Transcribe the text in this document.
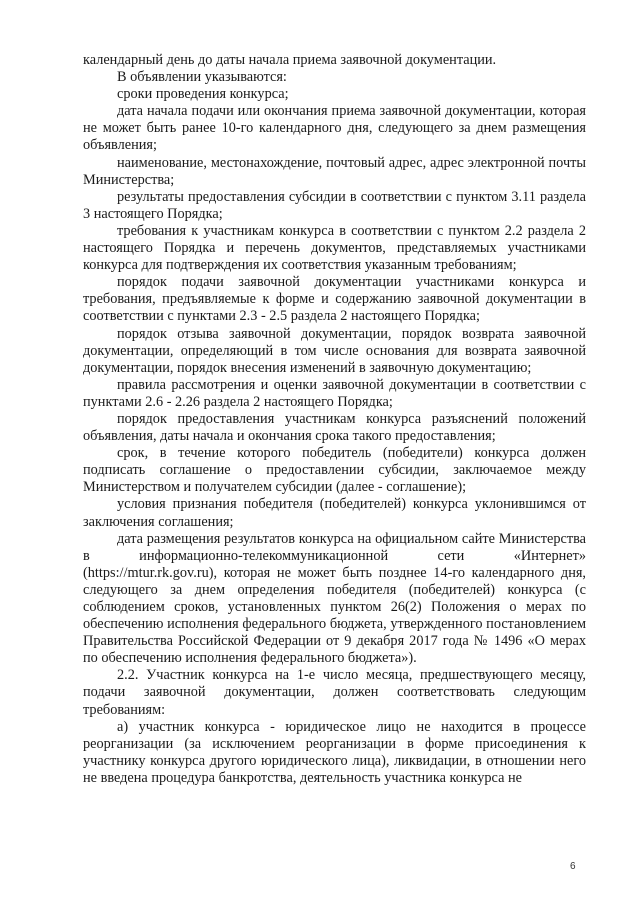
календарный день до даты начала приема заявочной документации.

В объявлении указываются:

сроки проведения конкурса;

дата начала подачи или окончания приема заявочной документации, которая не может быть ранее 10-го календарного дня, следующего за днем размещения объявления;

наименование, местонахождение, почтовый адрес, адрес электронной почты Министерства;

результаты предоставления субсидии в соответствии с пунктом 3.11 раздела 3 настоящего Порядка;

требования к участникам конкурса в соответствии с пунктом 2.2 раздела 2 настоящего Порядка и перечень документов, представляемых участниками конкурса для подтверждения их соответствия указанным требованиям;

порядок подачи заявочной документации участниками конкурса и требования, предъявляемые к форме и содержанию заявочной документации в соответствии с пунктами 2.3 - 2.5 раздела 2 настоящего Порядка;

порядок отзыва заявочной документации, порядок возврата заявочной документации, определяющий в том числе основания для возврата заявочной документации, порядок внесения изменений в заявочную документацию;

правила рассмотрения и оценки заявочной документации в соответствии с пунктами 2.6 - 2.26 раздела 2 настоящего Порядка;

порядок предоставления участникам конкурса разъяснений положений объявления, даты начала и окончания срока такого предоставления;

срок, в течение которого победитель (победители) конкурса должен подписать соглашение о предоставлении субсидии, заключаемое между Министерством и получателем субсидии (далее - соглашение);

условия признания победителя (победителей) конкурса уклонившимся от заключения соглашения;

дата размещения результатов конкурса на официальном сайте Министерства в информационно-телекоммуникационной сети «Интернет» (https://mtur.rk.gov.ru), которая не может быть позднее 14-го календарного дня, следующего за днем определения победителя (победителей) конкурса (с соблюдением сроков, установленных пунктом 26(2) Положения о мерах по обеспечению исполнения федерального бюджета, утвержденного постановлением Правительства Российской Федерации от 9 декабря 2017 года № 1496 «О мерах по обеспечению исполнения федерального бюджета»).

2.2. Участник конкурса на 1-е число месяца, предшествующего месяцу, подачи заявочной документации, должен соответствовать следующим требованиям:

а) участник конкурса - юридическое лицо не находится в процессе реорганизации (за исключением реорганизации в форме присоединения к участнику конкурса другого юридического лица), ликвидации, в отношении него не введена процедура банкротства, деятельность участника конкурса не

6
